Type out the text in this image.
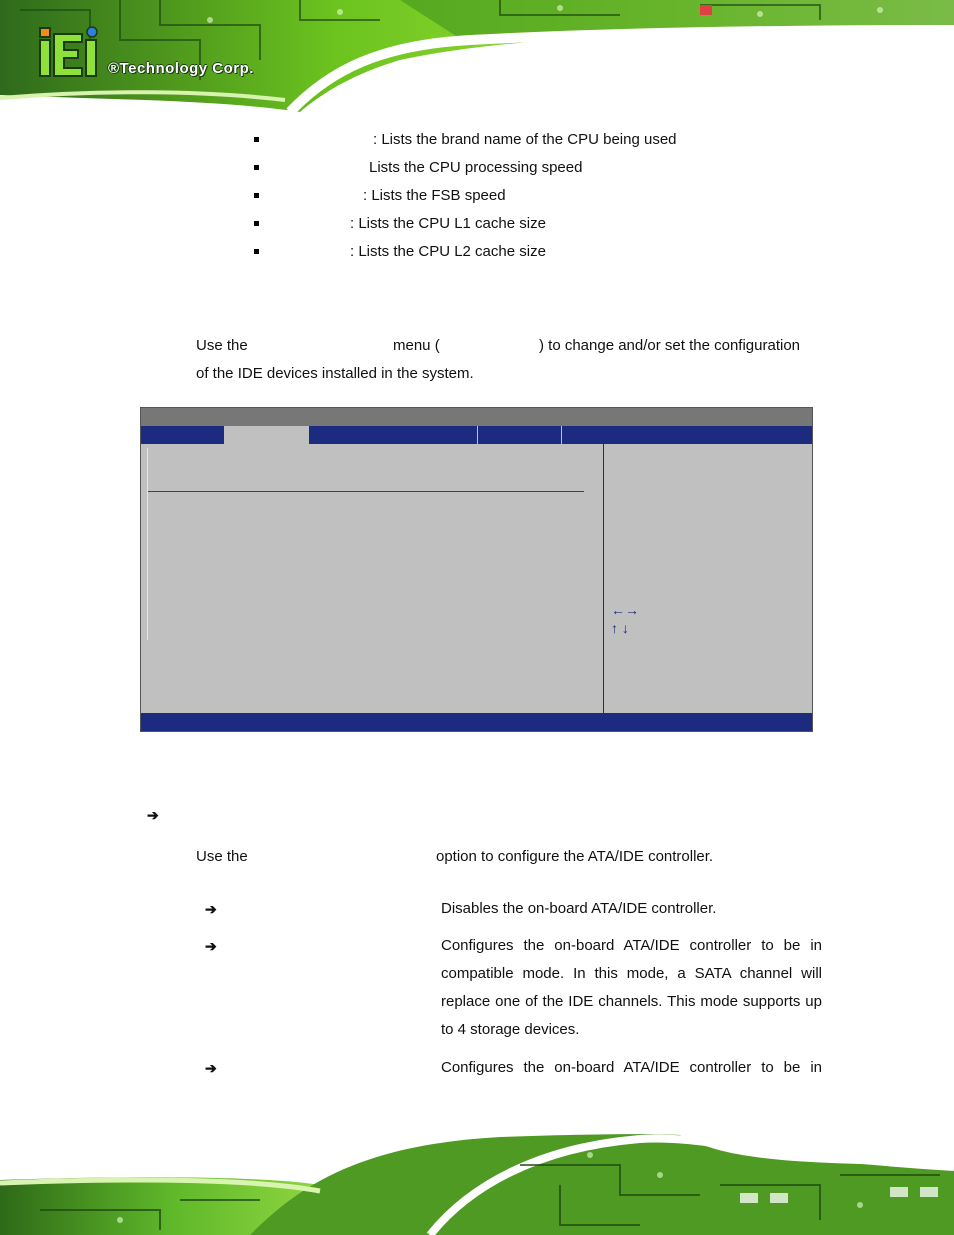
®Technology Corp.
: Lists the brand name of the CPU being used
Lists the CPU processing speed
: Lists the FSB speed
: Lists the CPU L1 cache size
: Lists the CPU L2 cache size
Use the	menu (	) to change and/or set the configuration
of the IDE devices installed in the system.
←→
↑ ↓
➔
Use the	option to configure the ATA/IDE controller.
➔	Disables the on-board ATA/IDE controller.
➔	Configures the on-board ATA/IDE controller to be in compatible mode. In this mode, a SATA channel will replace one of the IDE channels. This mode supports up to 4 storage devices.
➔	Configures the on-board ATA/IDE controller to be in
